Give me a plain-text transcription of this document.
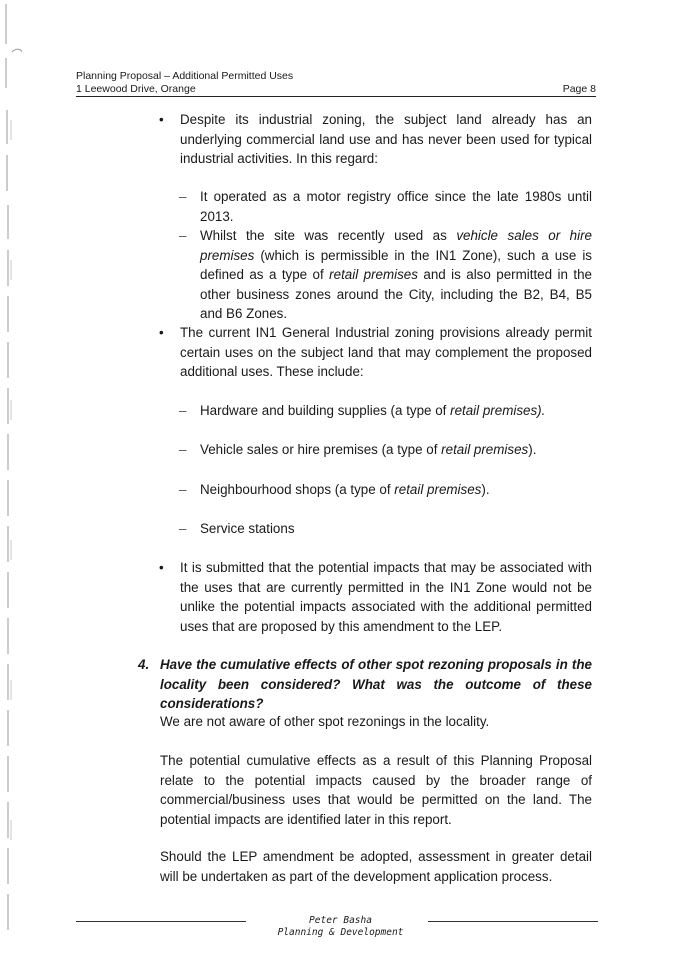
Planning Proposal – Additional Permitted Uses
1 Leewood Drive, Orange	Page 8
• Despite its industrial zoning, the subject land already has an underlying commercial land use and has never been used for typical industrial activities. In this regard:
– It operated as a motor registry office since the late 1980s until 2013.
– Whilst the site was recently used as vehicle sales or hire premises (which is permissible in the IN1 Zone), such a use is defined as a type of retail premises and is also permitted in the other business zones around the City, including the B2, B4, B5 and B6 Zones.
• The current IN1 General Industrial zoning provisions already permit certain uses on the subject land that may complement the proposed additional uses. These include:
– Hardware and building supplies (a type of retail premises).
– Vehicle sales or hire premises (a type of retail premises).
– Neighbourhood shops (a type of retail premises).
– Service stations
• It is submitted that the potential impacts that may be associated with the uses that are currently permitted in the IN1 Zone would not be unlike the potential impacts associated with the additional permitted uses that are proposed by this amendment to the LEP.
4. Have the cumulative effects of other spot rezoning proposals in the locality been considered? What was the outcome of these considerations?
We are not aware of other spot rezonings in the locality.
The potential cumulative effects as a result of this Planning Proposal relate to the potential impacts caused by the broader range of commercial/business uses that would be permitted on the land. The potential impacts are identified later in this report.
Should the LEP amendment be adopted, assessment in greater detail will be undertaken as part of the development application process.
Peter Basha
Planning & Development
